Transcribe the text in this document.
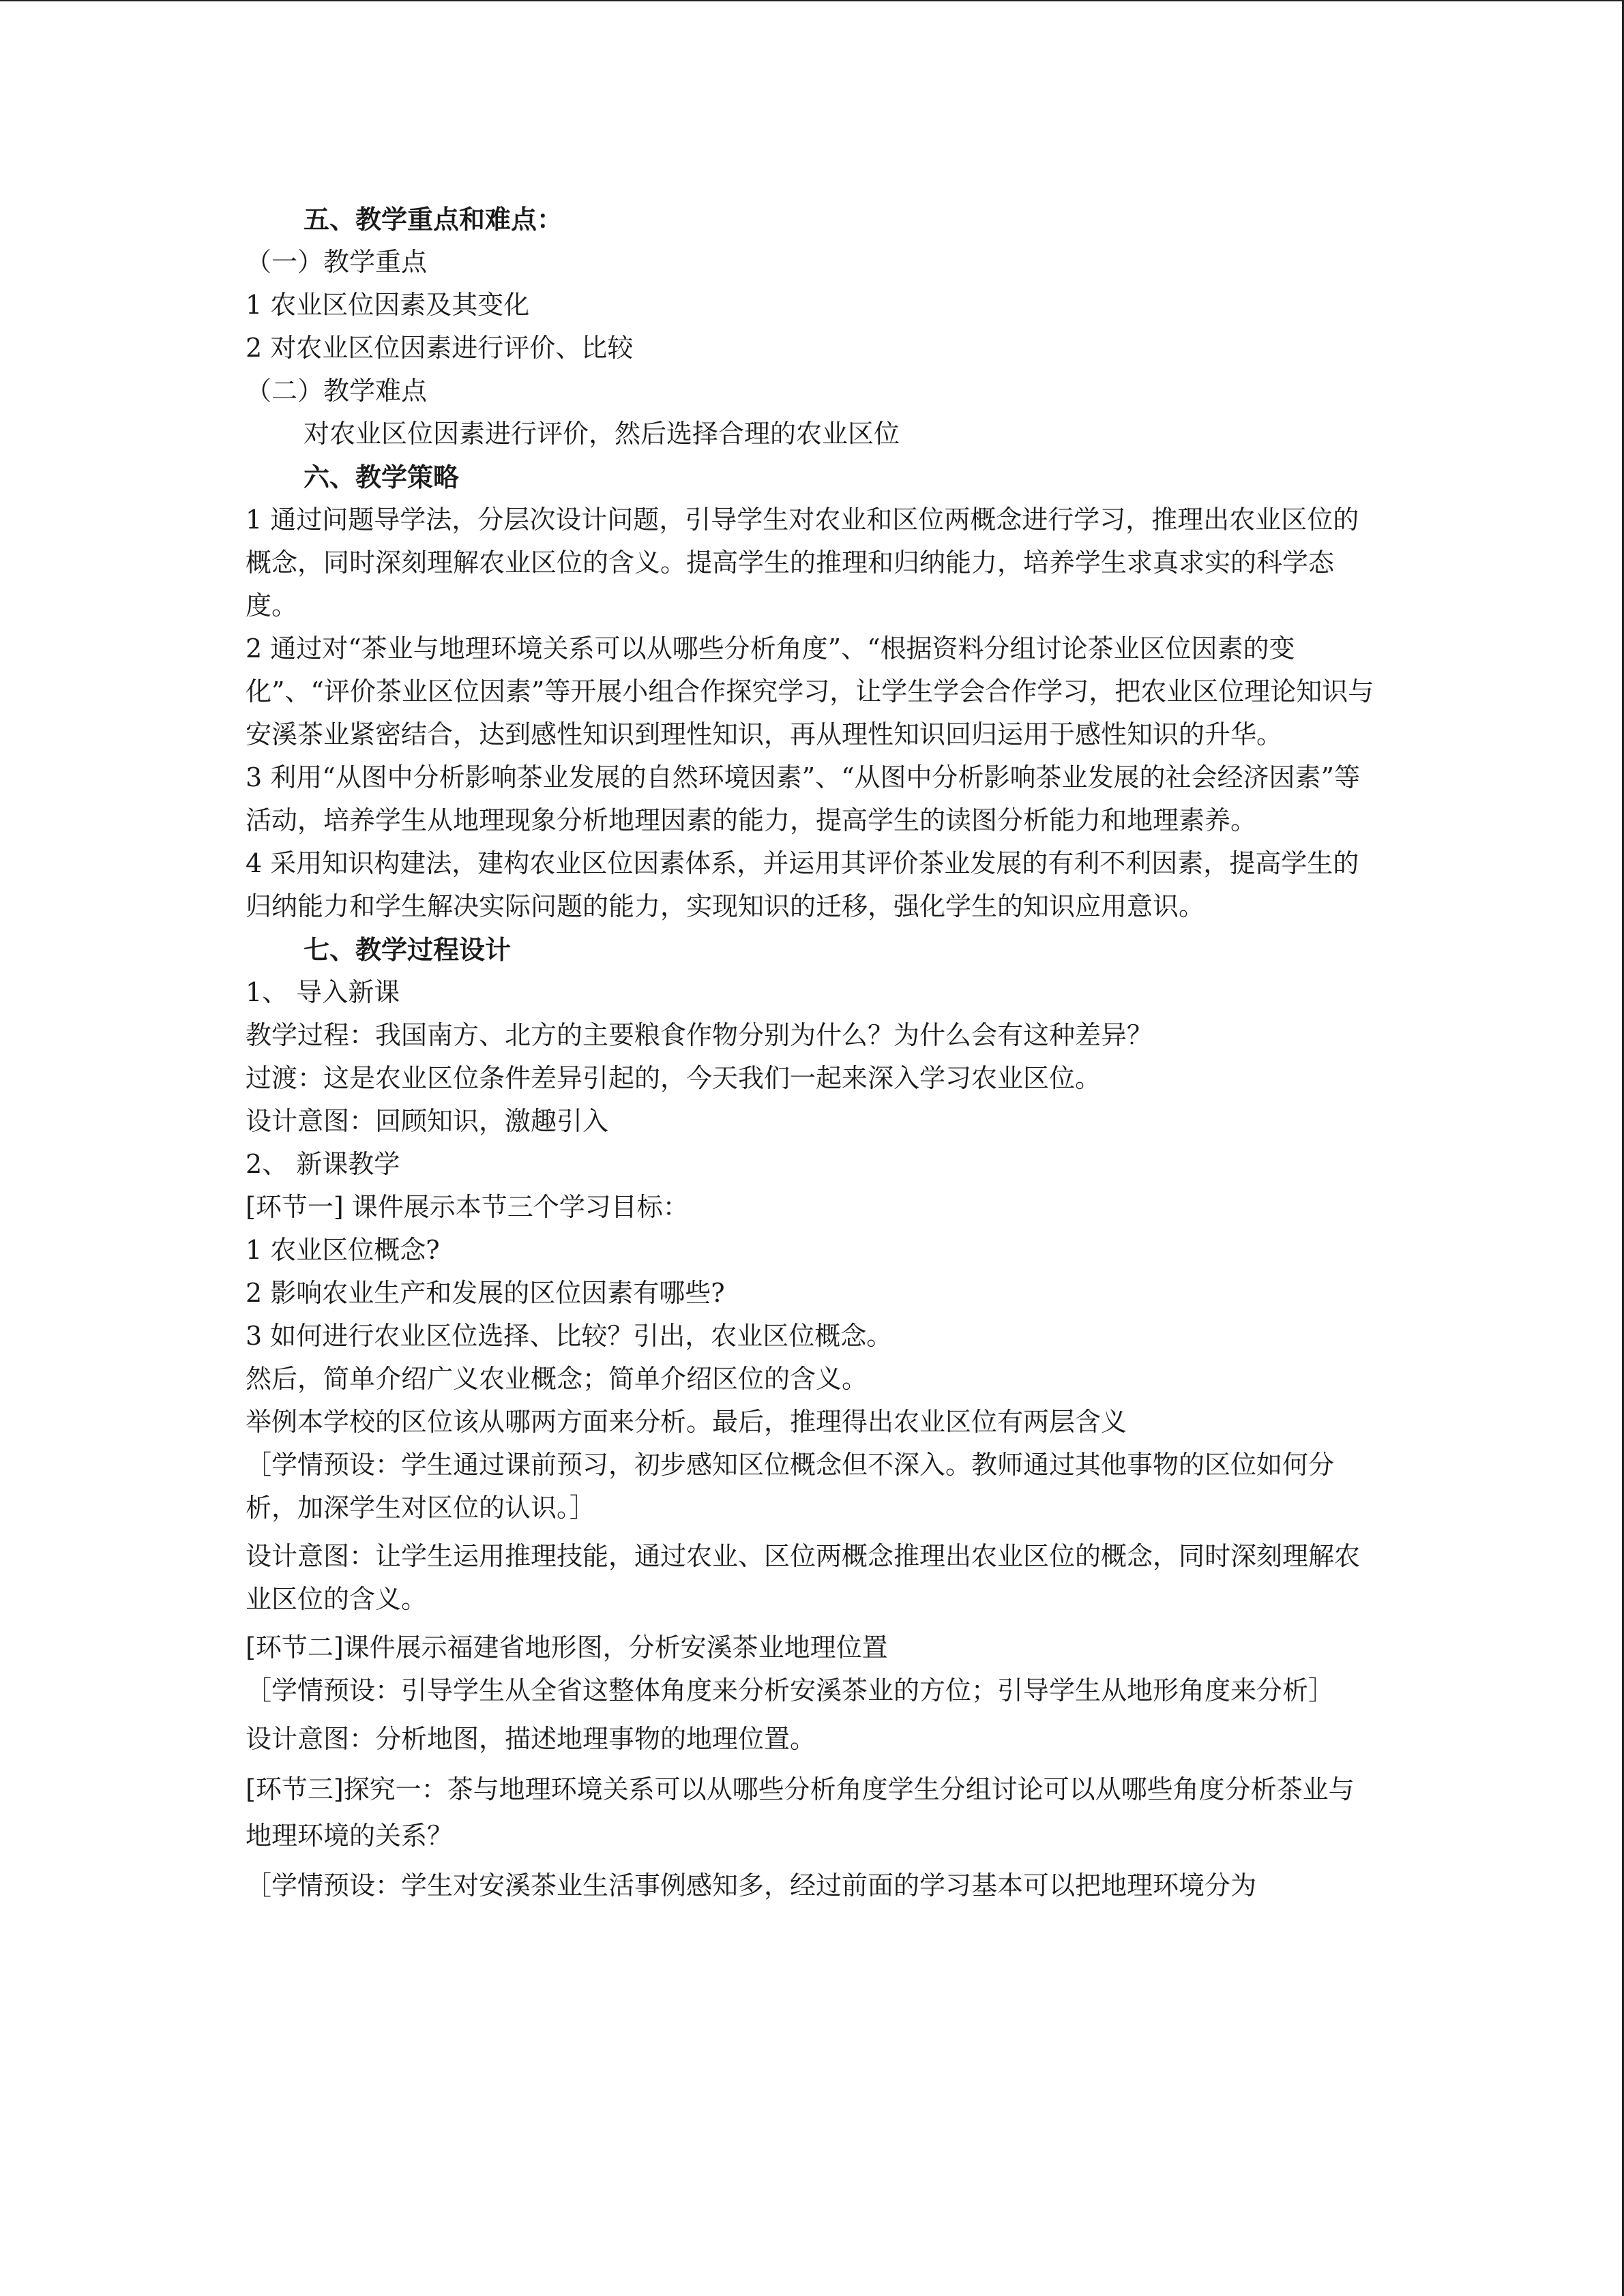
五、教学重点和难点：

（一）教学重点

1 农业区位因素及其变化

2 对农业区位因素进行评价、比较

（二）教学难点

对农业区位因素进行评价，然后选择合理的农业区位

六、教学策略

1 通过问题导学法，分层次设计问题，引导学生对农业和区位两概念进行学习，推理出农业区位的概念，同时深刻理解农业区位的含义。提高学生的推理和归纳能力，培养学生求真求实的科学态度。

2 通过对“茶业与地理环境关系可以从哪些分析角度”、“根据资料分组讨论茶业区位因素的变化”、“评价茶业区位因素”等开展小组合作探究学习，让学生学会合作学习，把农业区位理论知识与安溪茶业紧密结合，达到感性知识到理性知识，再从理性知识回归运用于感性知识的升华。

3 利用“从图中分析影响茶业发展的自然环境因素”、“从图中分析影响茶业发展的社会经济因素”等活动，培养学生从地理现象分析地理因素的能力，提高学生的读图分析能力和地理素养。

4 采用知识构建法，建构农业区位因素体系，并运用其评价茶业发展的有利不利因素，提高学生的归纳能力和学生解决实际问题的能力，实现知识的迁移，强化学生的知识应用意识。

七、教学过程设计

1、 导入新课

教学过程：我国南方、北方的主要粮食作物分别为什么？为什么会有这种差异？

过渡：这是农业区位条件差异引起的，今天我们一起来深入学习农业区位。

设计意图：回顾知识，激趣引入

2、 新课教学

[环节一] 课件展示本节三个学习目标：

1 农业区位概念?

2 影响农业生产和发展的区位因素有哪些?

3 如何进行农业区位选择、比较？引出，农业区位概念。

然后，简单介绍广义农业概念；简单介绍区位的含义。

举例本学校的区位该从哪两方面来分析。最后，推理得出农业区位有两层含义

［学情预设：学生通过课前预习，初步感知区位概念但不深入。教师通过其他事物的区位如何分析，加深学生对区位的认识。］

设计意图：让学生运用推理技能，通过农业、区位两概念推理出农业区位的概念，同时深刻理解农业区位的含义。

[环节二]课件展示福建省地形图，分析安溪茶业地理位置

［学情预设：引导学生从全省这整体角度来分析安溪茶业的方位；引导学生从地形角度来分析］

设计意图：分析地图，描述地理事物的地理位置。

[环节三]探究一：茶与地理环境关系可以从哪些分析角度学生分组讨论可以从哪些角度分析茶业与地理环境的关系？

［学情预设：学生对安溪茶业生活事例感知多，经过前面的学习基本可以把地理环境分为
